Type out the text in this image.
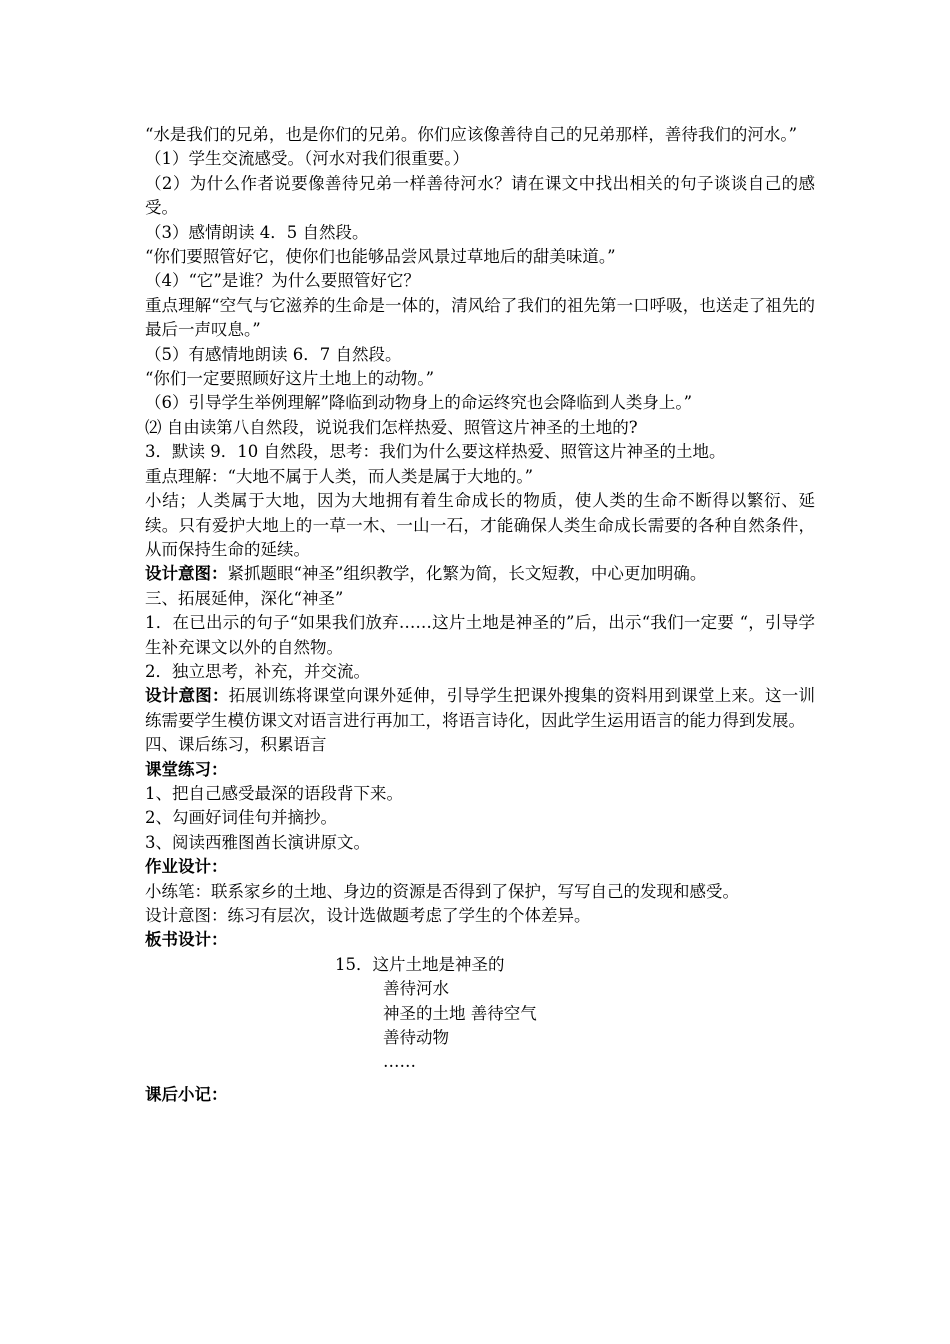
“水是我们的兄弟，也是你们的兄弟。你们应该像善待自己的兄弟那样，善待我们的河水。”

（1）学生交流感受。（河水对我们很重要。）

（2）为什么作者说要像善待兄弟一样善待河水？请在课文中找出相关的句子谈谈自己的感受。

（3）感情朗读 4．5 自然段。

“你们要照管好它，使你们也能够品尝风景过草地后的甜美味道。”

（4）“它”是谁？为什么要照管好它？

重点理解“空气与它滋养的生命是一体的，清风给了我们的祖先第一口呼吸，也送走了祖先的最后一声叹息。”

（5）有感情地朗读 6．7 自然段。

“你们一定要照顾好这片土地上的动物。”

（6）引导学生举例理解”降临到动物身上的命运终究也会降临到人类身上。”

⑵ 自由读第八自然段，说说我们怎样热爱、照管这片神圣的土地的?

3．默读 9．10 自然段，思考：我们为什么要这样热爱、照管这片神圣的土地。

重点理解：“大地不属于人类，而人类是属于大地的。”

小结；人类属于大地，因为大地拥有着生命成长的物质，使人类的生命不断得以繁衍、延续。只有爱护大地上的一草一木、一山一石，才能确保人类生命成长需要的各种自然条件，从而保持生命的延续。

设计意图：紧抓题眼“神圣”组织教学，化繁为简，长文短教，中心更加明确。

三、拓展延伸，深化“神圣”

1．在已出示的句子“如果我们放弃……这片土地是神圣的”后，出示“我们一定要 “，引导学生补充课文以外的自然物。

2．独立思考，补充，并交流。

设计意图：拓展训练将课堂向课外延伸，引导学生把课外搜集的资料用到课堂上来。这一训练需要学生模仿课文对语言进行再加工，将语言诗化，因此学生运用语言的能力得到发展。

四、课后练习，积累语言

课堂练习：

1、把自己感受最深的语段背下来。

2、勾画好词佳句并摘抄。

3、阅读西雅图酋长演讲原文。

作业设计：

小练笔：联系家乡的土地、身边的资源是否得到了保护，写写自己的发现和感受。

设计意图：练习有层次，设计选做题考虑了学生的个体差异。

板书设计：

15．这片土地是神圣的

善待河水

神圣的土地 善待空气

善待动物

……

课后小记：
